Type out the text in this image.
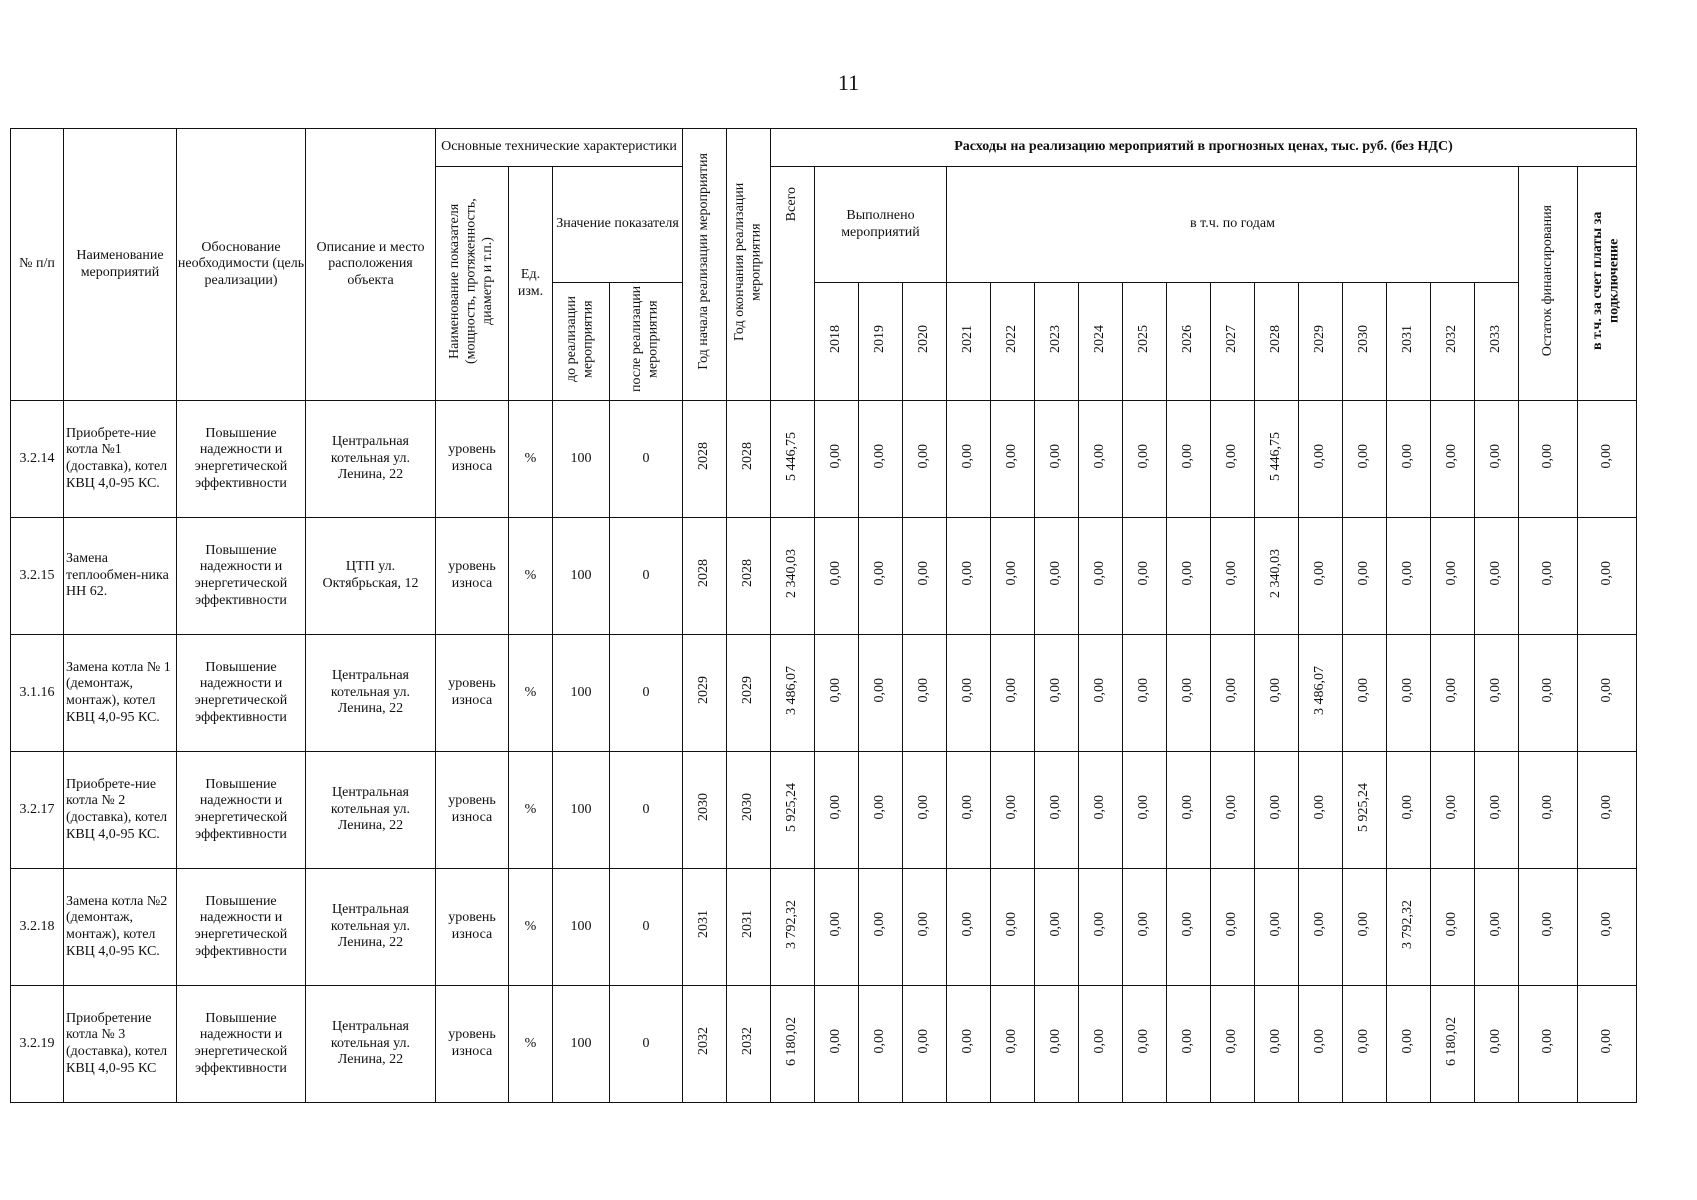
11
№ п/п	Наименование мероприятий	Обоснование необходимости (цель реализации)	Описание и место расположения объекта	Основные технические характеристики				Год начала реализации мероприятия	Год окончания реализации мероприятия	Расходы на реализацию мероприятий в прогнозных ценах, тыс. руб. (без НДС)																		
				Наименование показателя (мощность, протяженность, диаметр и т.п.)	Ед. изм.	Значение показателя				Всего	Выполнено мероприятий			в т.ч. по годам													Остаток финансирования	в т.ч. за счет платы за подключение
						до реализации мероприятия	после реализации мероприятия				2018	2019	2020	2021	2022	2023	2024	2025	2026	2027	2028	2029	2030	2031	2032	2033		
3.2.14	Приобрете-ние котла №1 (доставка), котел КВЦ 4,0-95 КС.	Повышение надежности и энергетической эффективности	Центральная котельная ул. Ленина, 22	уровень износа	%	100	0	2028	2028	5 446,75	0,00	0,00	0,00	0,00	0,00	0,00	0,00	0,00	0,00	0,00	5 446,75	0,00	0,00	0,00	0,00	0,00	0,00	0,00
3.2.15	Замена теплообмен-ника НН 62.	Повышение надежности и энергетической эффективности	ЦТП ул. Октябрьская, 12	уровень износа	%	100	0	2028	2028	2 340,03	0,00	0,00	0,00	0,00	0,00	0,00	0,00	0,00	0,00	0,00	2 340,03	0,00	0,00	0,00	0,00	0,00	0,00	0,00
3.1.16	Замена котла № 1 (демонтаж, монтаж), котел КВЦ 4,0-95 КС.	Повышение надежности и энергетической эффективности	Центральная котельная ул. Ленина, 22	уровень износа	%	100	0	2029	2029	3 486,07	0,00	0,00	0,00	0,00	0,00	0,00	0,00	0,00	0,00	0,00	0,00	3 486,07	0,00	0,00	0,00	0,00	0,00	0,00
3.2.17	Приобрете-ние котла № 2 (доставка), котел КВЦ 4,0-95 КС.	Повышение надежности и энергетической эффективности	Центральная котельная ул. Ленина, 22	уровень износа	%	100	0	2030	2030	5 925,24	0,00	0,00	0,00	0,00	0,00	0,00	0,00	0,00	0,00	0,00	0,00	0,00	5 925,24	0,00	0,00	0,00	0,00	0,00
3.2.18	Замена котла №2 (демонтаж, монтаж), котел КВЦ 4,0-95 КС.	Повышение надежности и энергетической эффективности	Центральная котельная ул. Ленина, 22	уровень износа	%	100	0	2031	2031	3 792,32	0,00	0,00	0,00	0,00	0,00	0,00	0,00	0,00	0,00	0,00	0,00	0,00	0,00	3 792,32	0,00	0,00	0,00	0,00
3.2.19	Приобретение котла № 3 (доставка), котел КВЦ 4,0-95 КС	Повышение надежности и энергетической эффективности	Центральная котельная ул. Ленина, 22	уровень износа	%	100	0	2032	2032	6 180,02	0,00	0,00	0,00	0,00	0,00	0,00	0,00	0,00	0,00	0,00	0,00	0,00	0,00	0,00	6 180,02	0,00	0,00	0,00
